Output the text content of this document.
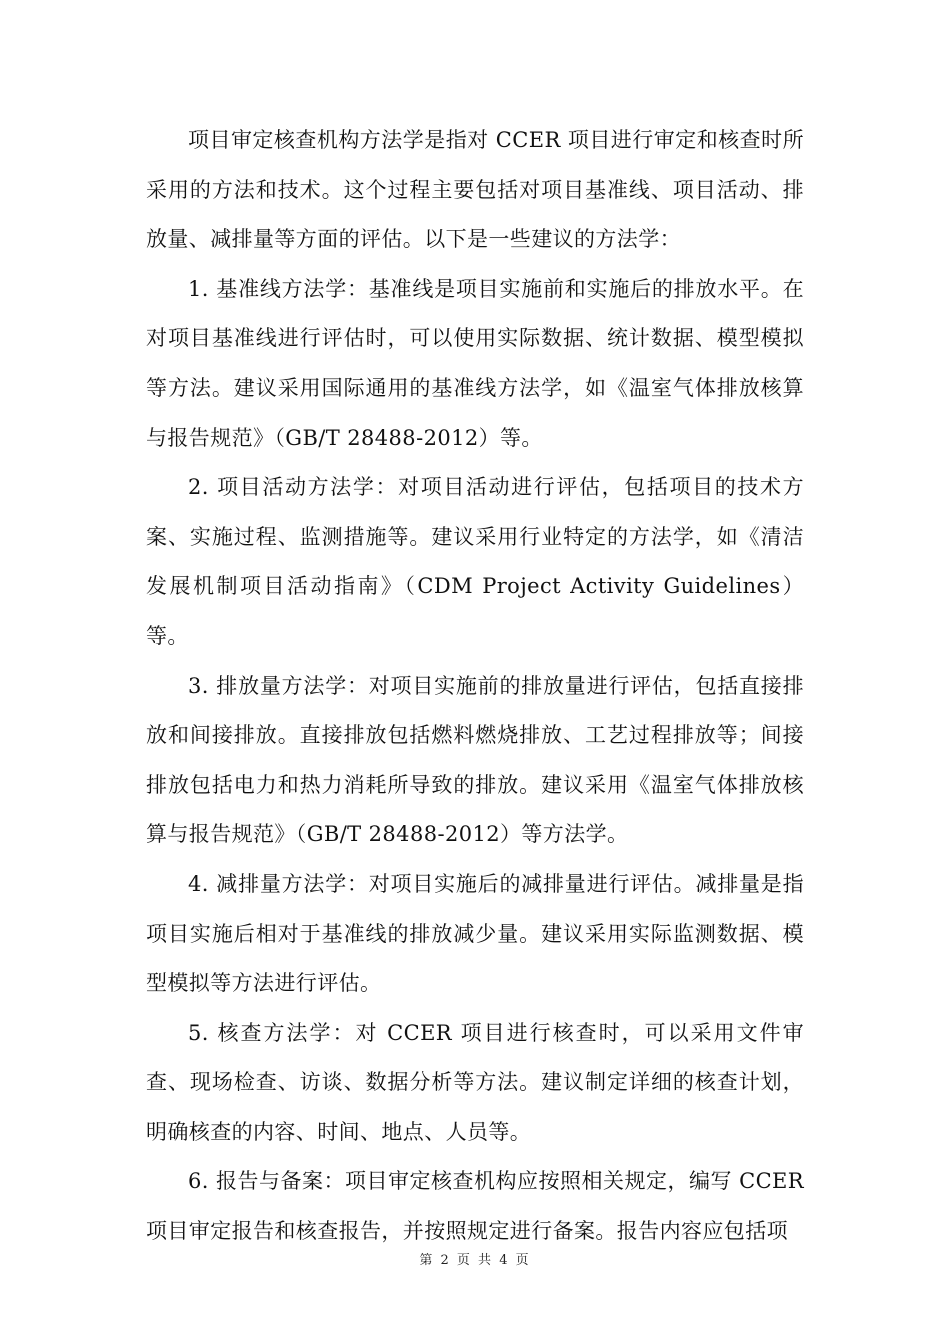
项目审定核查机构方法学是指对 CCER 项目进行审定和核查时所采用的方法和技术。这个过程主要包括对项目基准线、项目活动、排放量、减排量等方面的评估。以下是一些建议的方法学：

1. 基准线方法学：基准线是项目实施前和实施后的排放水平。在对项目基准线进行评估时，可以使用实际数据、统计数据、模型模拟等方法。建议采用国际通用的基准线方法学，如《温室气体排放核算与报告规范》（GB/T 28488-2012）等。

2. 项目活动方法学：对项目活动进行评估，包括项目的技术方案、实施过程、监测措施等。建议采用行业特定的方法学，如《清洁发展机制项目活动指南》（CDM Project Activity Guidelines）等。

3. 排放量方法学：对项目实施前的排放量进行评估，包括直接排放和间接排放。直接排放包括燃料燃烧排放、工艺过程排放等；间接排放包括电力和热力消耗所导致的排放。建议采用《温室气体排放核算与报告规范》（GB/T 28488-2012）等方法学。

4. 减排量方法学：对项目实施后的减排量进行评估。减排量是指项目实施后相对于基准线的排放减少量。建议采用实际监测数据、模型模拟等方法进行评估。

5. 核查方法学：对 CCER 项目进行核查时，可以采用文件审查、现场检查、访谈、数据分析等方法。建议制定详细的核查计划，明确核查的内容、时间、地点、人员等。

6. 报告与备案：项目审定核查机构应按照相关规定，编写 CCER 项目审定报告和核查报告，并按照规定进行备案。报告内容应包括项

第 2 页 共 4 页
